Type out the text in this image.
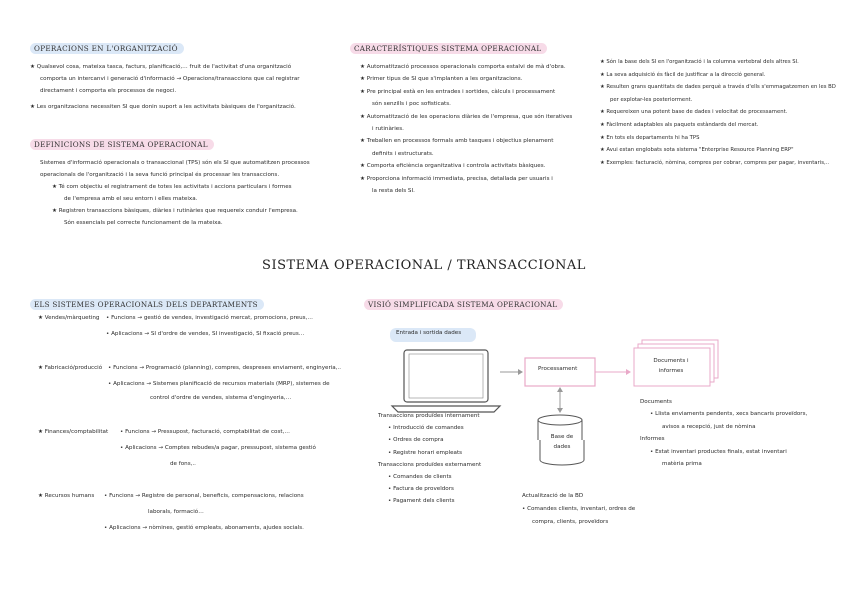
OPERACIONS EN L'ORGANITZACIÓ
★ Qualsevol cosa, mateixa tasca, facturs, planificació,… fruit de l'activitat d'una organització
comporta un intercanvi i generació d'informació → Operacions/transaccions que cal registrar
directament i comporta els processos de negoci.
★ Les organitzacions necessiten SI que donin suport a les activitats bàsiques de l'organització.
DEFINICIONS DE SISTEMA OPERACIONAL
Sistemes d'informació operacionals o transaccional (TPS) són els SI que automatitzen processos
operacionals de l'organització i la seva funció principal és processar les transaccions.
★ Té com objectiu el registrament de totes les activitats i accions particulars i formes
de l'empresa amb el seu entorn i elles mateixa.
★ Registren transaccions bàsiques, diàries i rutinàries que requereix conduir l'empresa.
Són essencials pel correcte funcionament de la mateixa.
CARACTERÍSTIQUES SISTEMA OPERACIONAL
★ Automatització processos operacionals comporta estalvi de mà d'obra.
★ Primer tipus de SI que s'implanten a les organitzacions.
★ Pre principal està en les entrades i sortides, càlculs i processament
són senzills i poc sofisticats.
★ Automatització de les operacions diàries de l'empresa, que són iteratives
i rutinàries.
★ Treballen en processos formals amb tasques i objectius plenament
definits i estructurats.
★ Comporta eficiència organitzativa i controla activitats bàsiques.
★ Proporciona informació immediata, precisa, detallada per usuaris i
la resta dels SI.
★ Són la base dels SI en l'organització i la columna vertebral dels altres SI.
★ La seva adquisició és fàcil de justificar a la direcció general.
★ Resulten grans quantitats de dades perquè a través d'ells s'emmagatzemen en les BD
per explotar-les posteriorment.
★ Requereixen una potent base de dades i velocitat de processament.
★ Fàcilment adaptables als paquets estàndards del mercat.
★ En tots els departaments hi ha TPS
★ Avui estan englobats sota sistema "Enterprise Resource Planning ERP"
★ Exemples: facturació, nòmina, compres per cobrar, compres per pagar, inventaris,..
SISTEMA OPERACIONAL / TRANSACCIONAL
ELS SISTEMES OPERACIONALS DELS DEPARTAMENTS
★ Vendes/màrqueting • Funcions → gestió de vendes, investigació mercat, promocions, preus,…
• Aplicacions → SI d'ordre de vendes, SI investigació, SI fixació preus…
★ Fabricació/producció • Funcions → Programació (planning), compres, despreses enviament, enginyeria,..
• Aplicacions → Sistemes planificació de recursos materials (MRP), sistemes de
control d'ordre de vendes, sistema d'enginyeria,…
★ Finances/comptabilitat • Funcions → Pressupost, facturació, comptabilitat de cost,…
• Aplicacions → Comptes rebudes/a pagar, pressupost, sistema gestió
de fons,..
★ Recursos humans • Funcions → Registre de personal, beneficis, compensacions, relacions
laborals, formació…
• Aplicacions → nòmines, gestió empleats, abonaments, ajudes socials.
VISIÓ SIMPLIFICADA SISTEMA OPERACIONAL
Entrada i sortida dades
Processament
Documents i informes
Base de dades
Transaccions produïdes internament
• Introducció de comandes
• Ordres de compra
• Registre horari empleats
Transaccions produïdes externament
• Comandes de clients
• Factura de proveïdors
• Pagament dels clients
Actualització de la BD
• Comandes clients, inventari, ordres de
compra, clients, proveïdors
Documents
• Llista enviaments pendents, xecs bancaris proveïdors,
avisos a recepció, just de nòmina
Informes
• Estat inventari productes finals, estat inventari
matèria prima
